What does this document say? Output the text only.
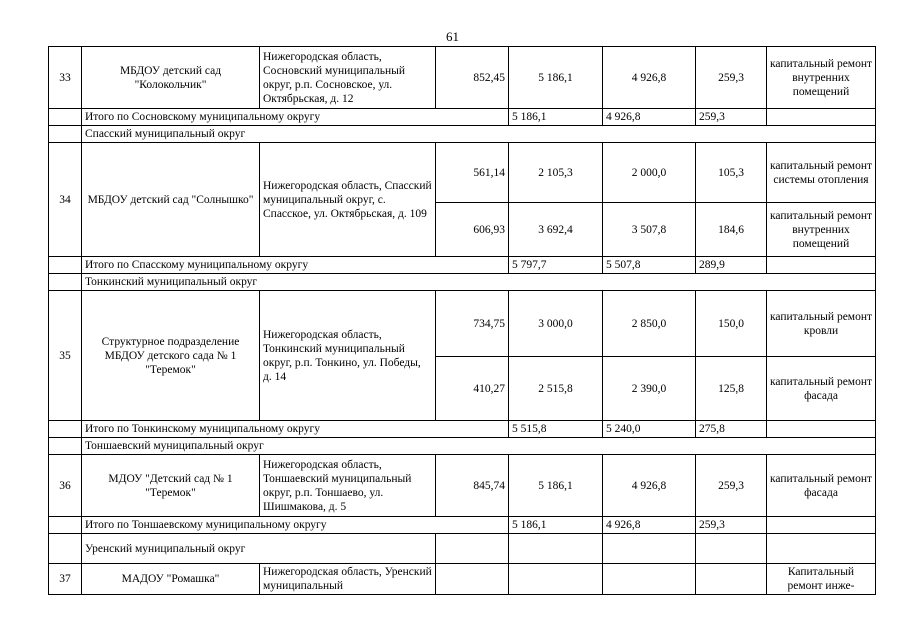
61
33	МБДОУ детский сад "Колокольчик"	Нижегородская область, Сосновский муниципальный округ, р.п. Сосновское, ул. Октябрьская, д. 12	852,45	5 186,1	4 926,8	259,3	капитальный ремонт внутренних помещений
	Итого по Сосновскому муниципальному округу			5 186,1	4 926,8	259,3	
	Спасский муниципальный округ						
34	МБДОУ детский сад "Солнышко"	Нижегородская область, Спасский муниципальный округ, с. Спасское, ул. Октябрьская, д. 109	561,14	2 105,3	2 000,0	105,3	капитальный ремонт системы отопления
			606,93	3 692,4	3 507,8	184,6	капитальный ремонт внутренних помещений
	Итого по Спасскому муниципальному округу			5 797,7	5 507,8	289,9	
	Тонкинский муниципальный округ						
35	Структурное подразделение МБДОУ детского сада № 1 "Теремок"	Нижегородская область, Тонкинский муниципальный округ, р.п. Тонкино, ул. Победы, д. 14	734,75	3 000,0	2 850,0	150,0	капитальный ремонт кровли
			410,27	2 515,8	2 390,0	125,8	капитальный ремонт фасада
	Итого по Тонкинскому муниципальному округу			5 515,8	5 240,0	275,8	
	Тоншаевский муниципальный округ						
36	МДОУ "Детский сад № 1 "Теремок"	Нижегородская область, Тоншаевский муниципальный округ, р.п. Тоншаево, ул. Шишмакова, д. 5	845,74	5 186,1	4 926,8	259,3	капитальный ремонт фасада
	Итого по Тоншаевскому муниципальному округу			5 186,1	4 926,8	259,3	
	Уренский муниципальный округ						
37	МАДОУ "Ромашка"	Нижегородская область, Уренский муниципальный					Капитальный ремонт инже-
